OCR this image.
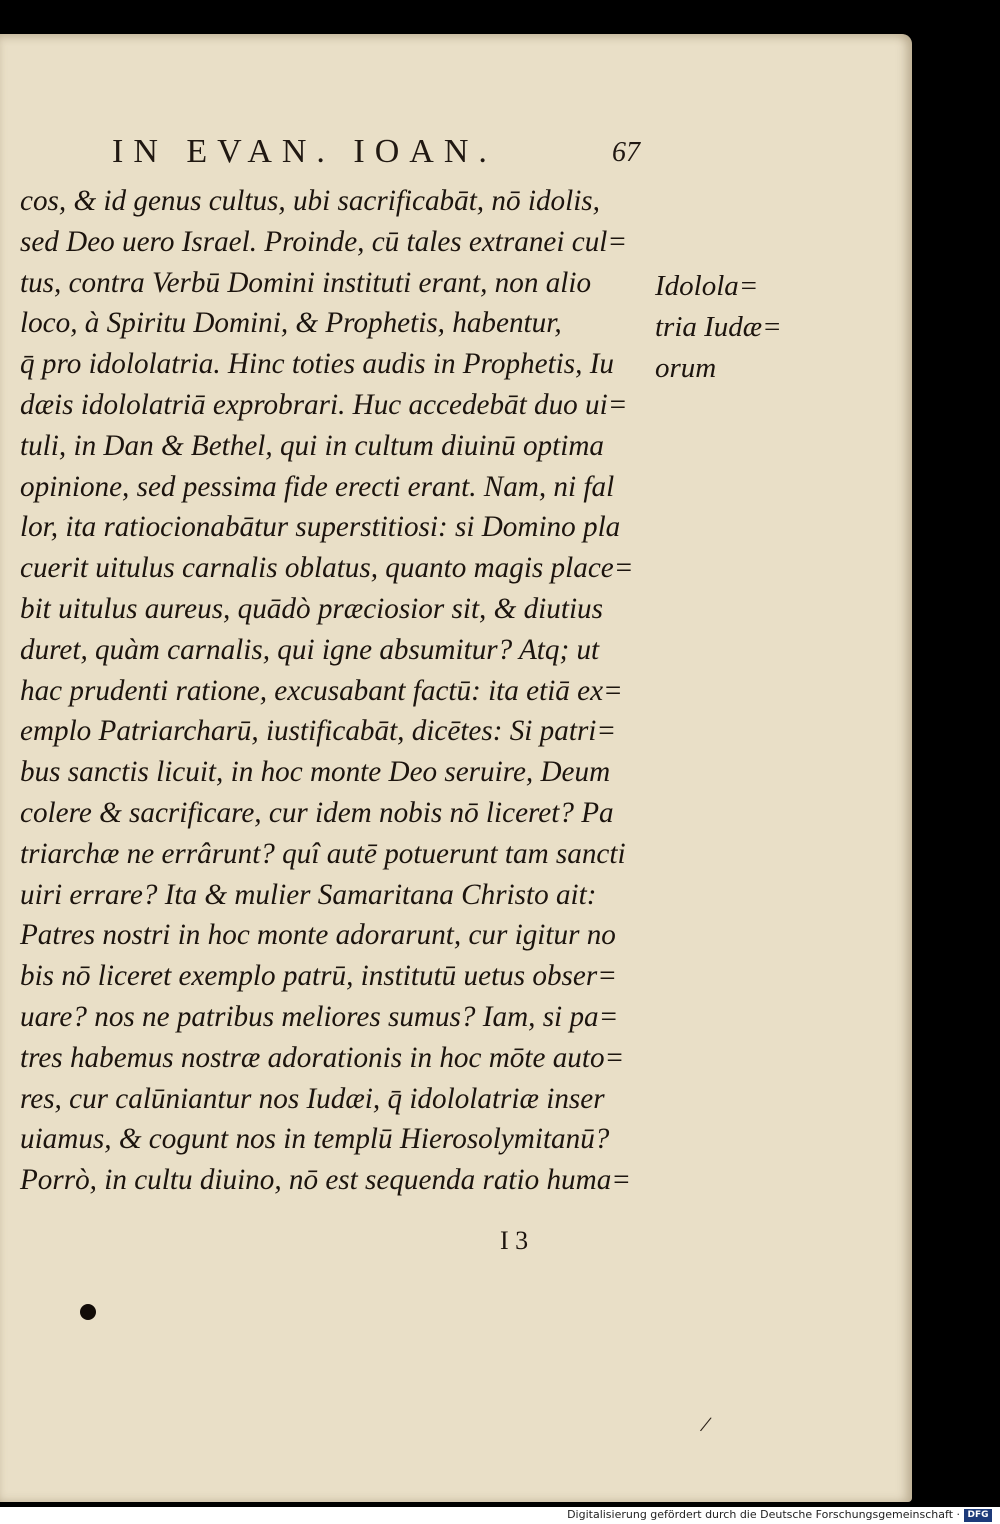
IN EVAN. IOAN.	67
cos, & id genus cultus, ubi sacrificabāt, nō idolis,
sed Deo uero Israel. Proinde, cū tales extranei cul=
tus, contra Verbū Domini instituti erant, non alio
loco, à Spiritu Domini, & Prophetis, habentur,
q̄ pro idololatria. Hinc toties audis in Prophetis, Iu
dæis idololatriā exprobrari. Huc accedebāt duo ui=
tuli, in Dan & Bethel, qui in cultum diuinū optima
opinione, sed pessima fide erecti erant. Nam, ni fal
lor, ita ratiocionabātur superstitiosi: si Domino pla
cuerit uitulus carnalis oblatus, quanto magis place=
bit uitulus aureus, quādò præciosior sit, & diutius
duret, quàm carnalis, qui igne absumitur? Atq; ut
hac prudenti ratione, excusabant factū: ita etiā ex=
emplo Patriarcharū, iustificabāt, dicētes: Si patri=
bus sanctis licuit, in hoc monte Deo seruire, Deum
colere & sacrificare, cur idem nobis nō liceret? Pa
triarchæ ne errârunt? quî autē potuerunt tam sancti
uiri errare? Ita & mulier Samaritana Christo ait:
Patres nostri in hoc monte adorarunt, cur igitur no
bis nō liceret exemplo patrū, institutū uetus obser=
uare? nos ne patribus meliores sumus? Iam, si pa=
tres habemus nostræ adorationis in hoc mōte auto=
res, cur calūniantur nos Iudæi, q̄ idololatriæ inser
uiamus, & cogunt nos in templū Hierosolymitanū?
Porrò, in cultu diuino, nō est sequenda ratio huma=
Idolola=
tria Iudæ=
orum
I 3
/
Digitalisierung gefördert durch die Deutsche Forschungsgemeinschaft · DFG
